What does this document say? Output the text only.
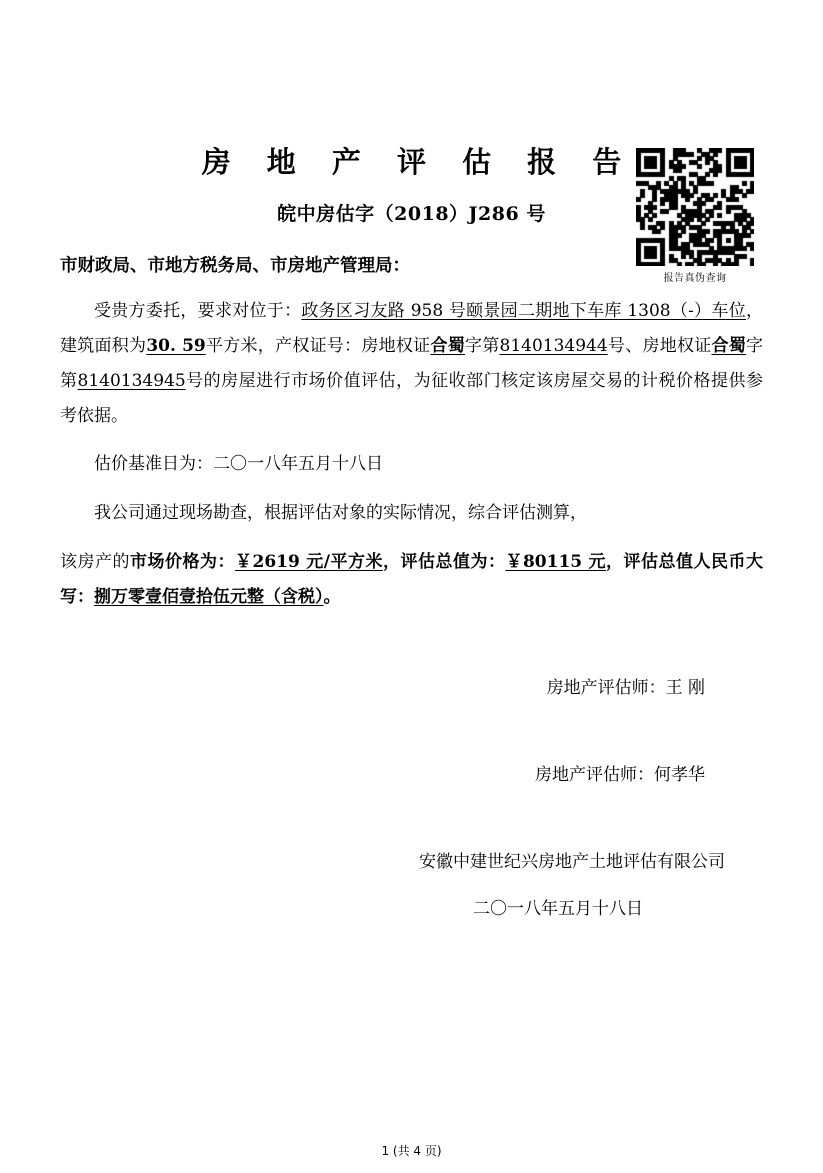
报告真伪查询
房 地 产 评 估 报 告
皖中房估字（2018）J286 号
市财政局、市地方税务局、市房地产管理局：
受贵方委托，要求对位于：政务区习友路 958 号颐景园二期地下车库 1308（-）车位，建筑面积为30. 59平方米，产权证号：房地权证合蜀字第8140134944号、房地权证合蜀字第8140134945号的房屋进行市场价值评估，为征收部门核定该房屋交易的计税价格提供参考依据。
估价基准日为：二〇一八年五月十八日
我公司通过现场勘查，根据评估对象的实际情况，综合评估测算，
该房产的市场价格为：￥2619 元/平方米，评估总值为：￥80115 元，评估总值人民币大写：捌万零壹佰壹拾伍元整（含税）。
房地产评估师：王 刚
房地产评估师：何孝华
安徽中建世纪兴房地产土地评估有限公司
二〇一八年五月十八日
1 (共 4 页)
